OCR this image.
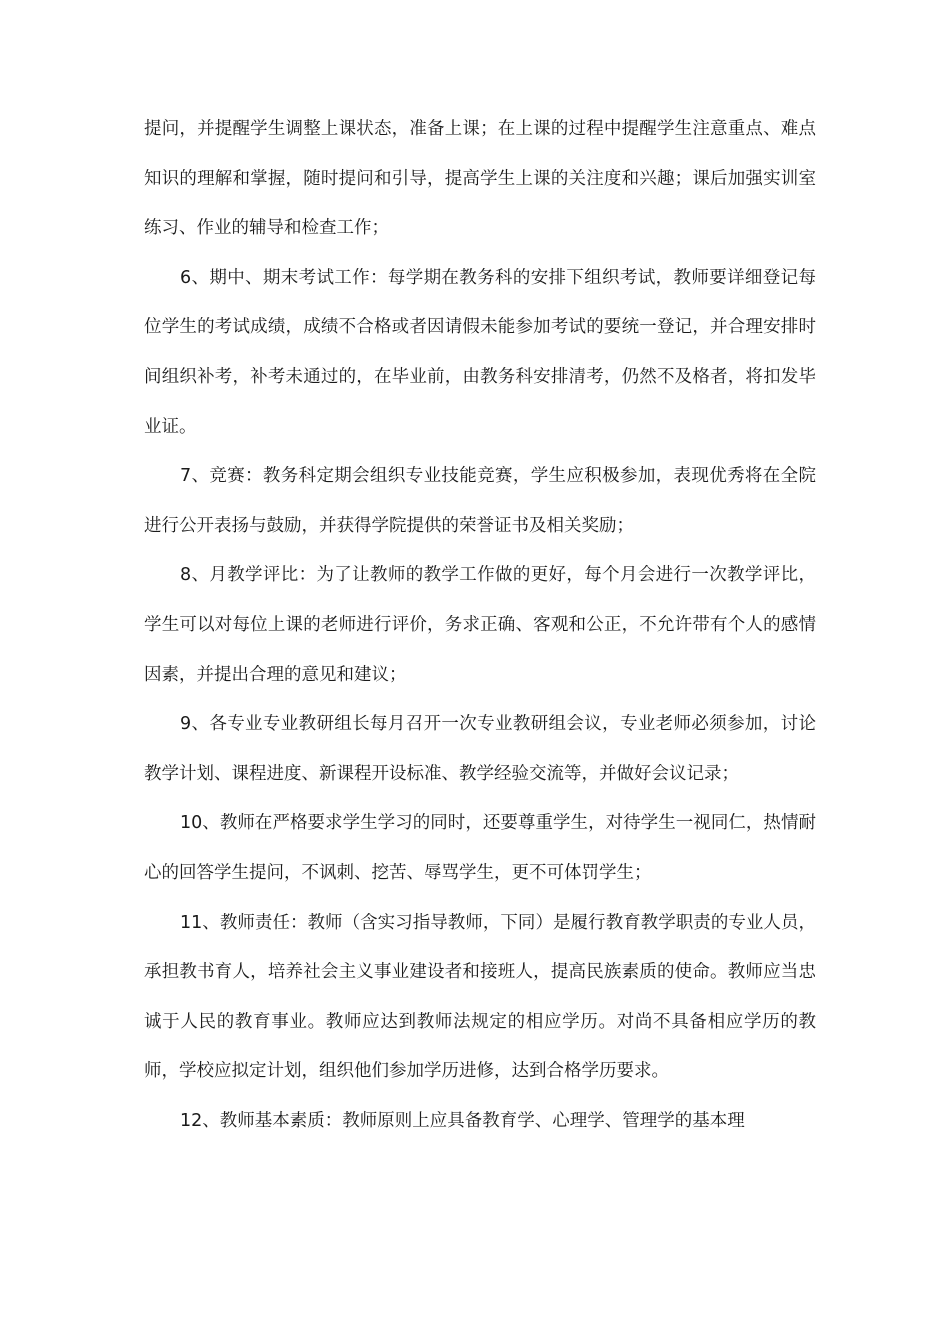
提问，并提醒学生调整上课状态，准备上课；在上课的过程中提醒学生注意重点、难点知识的理解和掌握，随时提问和引导，提高学生上课的关注度和兴趣；课后加强实训室练习、作业的辅导和检查工作；

6、期中、期末考试工作：每学期在教务科的安排下组织考试，教师要详细登记每位学生的考试成绩，成绩不合格或者因请假未能参加考试的要统一登记，并合理安排时间组织补考，补考未通过的，在毕业前，由教务科安排清考，仍然不及格者，将扣发毕业证。

7、竞赛：教务科定期会组织专业技能竞赛，学生应积极参加，表现优秀将在全院进行公开表扬与鼓励，并获得学院提供的荣誉证书及相关奖励；

8、月教学评比：为了让教师的教学工作做的更好，每个月会进行一次教学评比，学生可以对每位上课的老师进行评价，务求正确、客观和公正，不允许带有个人的感情因素，并提出合理的意见和建议；

9、各专业专业教研组长每月召开一次专业教研组会议，专业老师必须参加，讨论教学计划、课程进度、新课程开设标准、教学经验交流等，并做好会议记录；

10、教师在严格要求学生学习的同时，还要尊重学生，对待学生一视同仁，热情耐心的回答学生提问，不讽刺、挖苦、辱骂学生，更不可体罚学生；

11、教师责任：教师（含实习指导教师，下同）是履行教育教学职责的专业人员，承担教书育人，培养社会主义事业建设者和接班人，提高民族素质的使命。教师应当忠诚于人民的教育事业。教师应达到教师法规定的相应学历。对尚不具备相应学历的教师，学校应拟定计划，组织他们参加学历进修，达到合格学历要求。

12、教师基本素质：教师原则上应具备教育学、心理学、管理学的基本理
